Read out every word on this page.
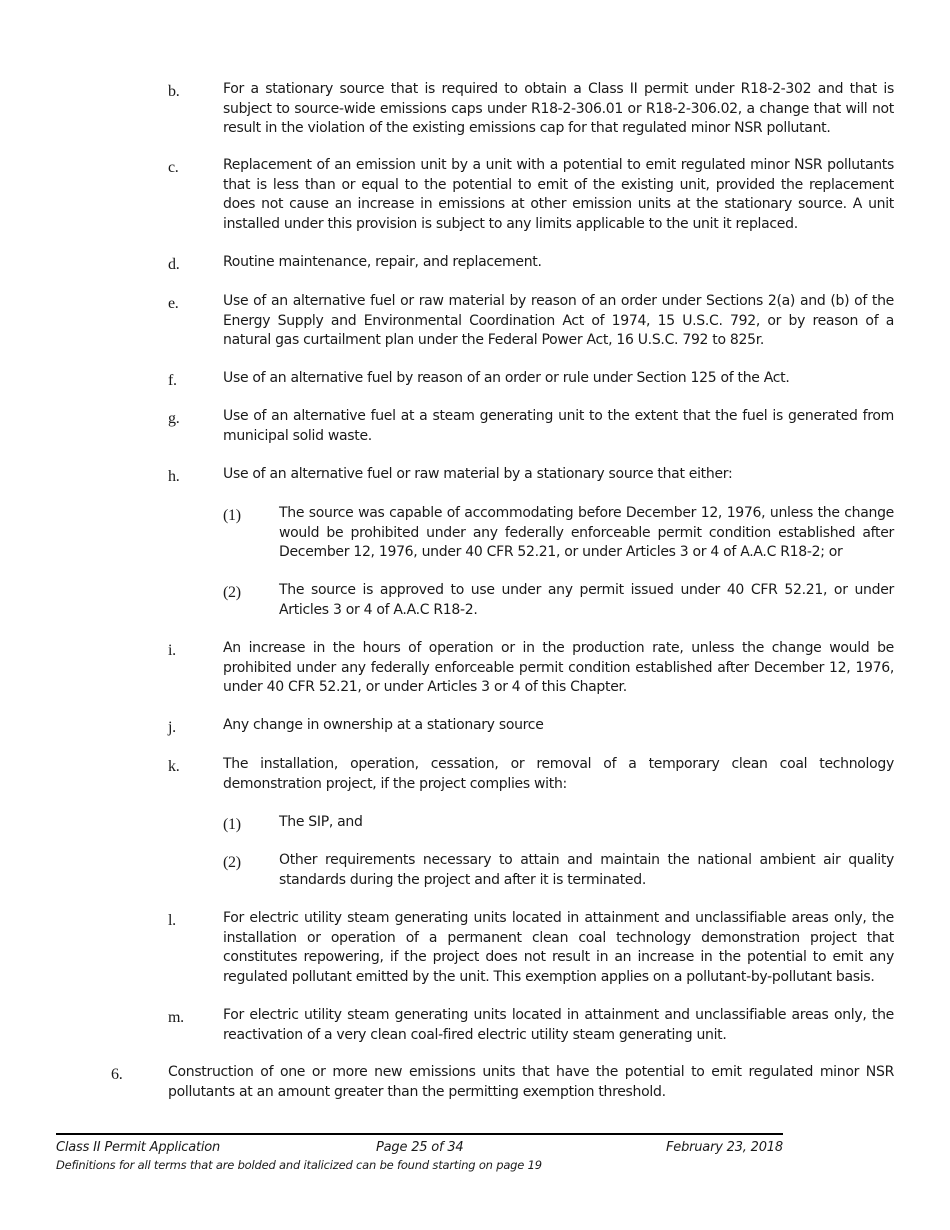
b.	For a stationary source that is required to obtain a Class II permit under R18-2-302 and that is subject to source-wide emissions caps under R18-2-306.01 or R18-2-306.02, a change that will not result in the violation of the existing emissions cap for that regulated minor NSR pollutant.
c.	Replacement of an emission unit by a unit with a potential to emit regulated minor NSR pollutants that is less than or equal to the potential to emit of the existing unit, provided the replacement does not cause an increase in emissions at other emission units at the stationary source. A unit installed under this provision is subject to any limits applicable to the unit it replaced.
d.	Routine maintenance, repair, and replacement.
e.	Use of an alternative fuel or raw material by reason of an order under Sections 2(a) and (b) of the Energy Supply and Environmental Coordination Act of 1974, 15 U.S.C. 792, or by reason of a natural gas curtailment plan under the Federal Power Act, 16 U.S.C. 792 to 825r.
f.	Use of an alternative fuel by reason of an order or rule under Section 125 of the Act.
g.	Use of an alternative fuel at a steam generating unit to the extent that the fuel is generated from municipal solid waste.
h.	Use of an alternative fuel or raw material by a stationary source that either:
(1)	The source was capable of accommodating before December 12, 1976, unless the change would be prohibited under any federally enforceable permit condition established after December 12, 1976, under 40 CFR 52.21, or under Articles 3 or 4 of A.A.C R18-2; or
(2)	The source is approved to use under any permit issued under 40 CFR 52.21, or under Articles 3 or 4 of A.A.C R18-2.
i.	An increase in the hours of operation or in the production rate, unless the change would be prohibited under any federally enforceable permit condition established after December 12, 1976, under 40 CFR 52.21, or under Articles 3 or 4 of this Chapter.
j.	Any change in ownership at a stationary source
k.	The installation, operation, cessation, or removal of a temporary clean coal technology demonstration project, if the project complies with:
(1)	The SIP, and
(2)	Other requirements necessary to attain and maintain the national ambient air quality standards during the project and after it is terminated.
l.	For electric utility steam generating units located in attainment and unclassifiable areas only, the installation or operation of a permanent clean coal technology demonstration project that constitutes repowering, if the project does not result in an increase in the potential to emit any regulated pollutant emitted by the unit. This exemption applies on a pollutant-by-pollutant basis.
m.	For electric utility steam generating units located in attainment and unclassifiable areas only, the reactivation of a very clean coal-fired electric utility steam generating unit.
6.	Construction of one or more new emissions units that have the potential to emit regulated minor NSR pollutants at an amount greater than the permitting exemption threshold.
Class II Permit Application	Page 25 of 34	February 23, 2018
Definitions for all terms that are bolded and italicized can be found starting on page 19
